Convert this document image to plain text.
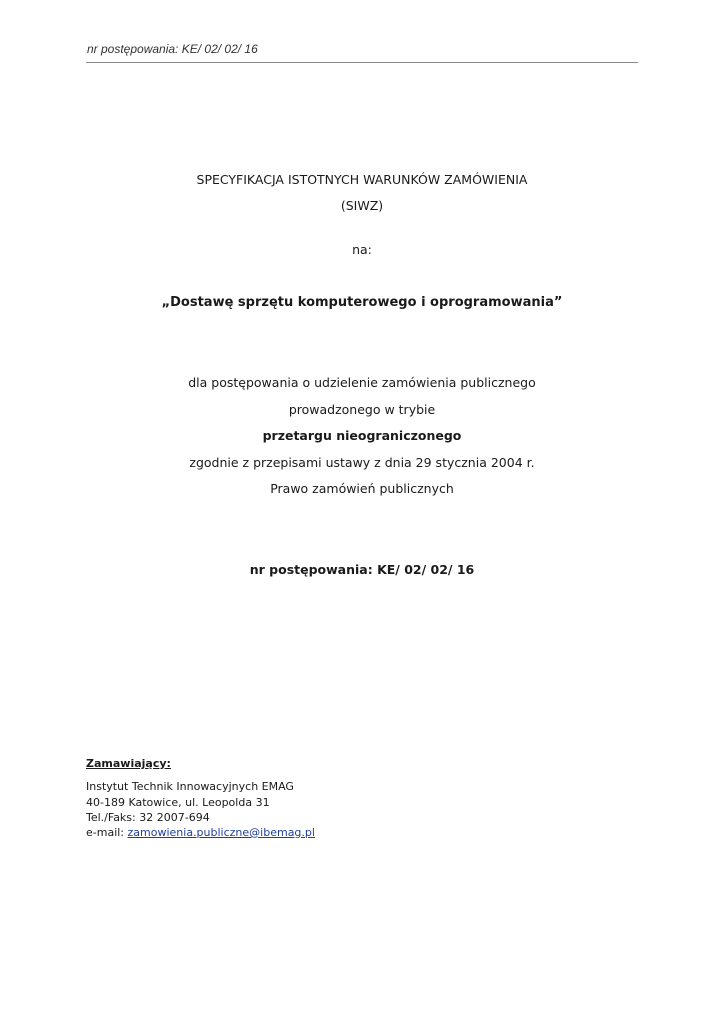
nr postępowania: KE/ 02/ 02/ 16
SPECYFIKACJA ISTOTNYCH WARUNKÓW ZAMÓWIENIA
(SIWZ)
na:
„Dostawę sprzętu komputerowego i oprogramowania”
dla postępowania o udzielenie zamówienia publicznego
prowadzonego w trybie
przetargu nieograniczonego
zgodnie z przepisami ustawy z dnia 29 stycznia 2004 r.
Prawo zamówień publicznych
nr postępowania: KE/ 02/ 02/ 16
Zamawiający:
Instytut Technik Innowacyjnych EMAG
40-189 Katowice, ul. Leopolda 31
Tel./Faks: 32 2007-694
e-mail: zamowienia.publiczne@ibemag.pl
